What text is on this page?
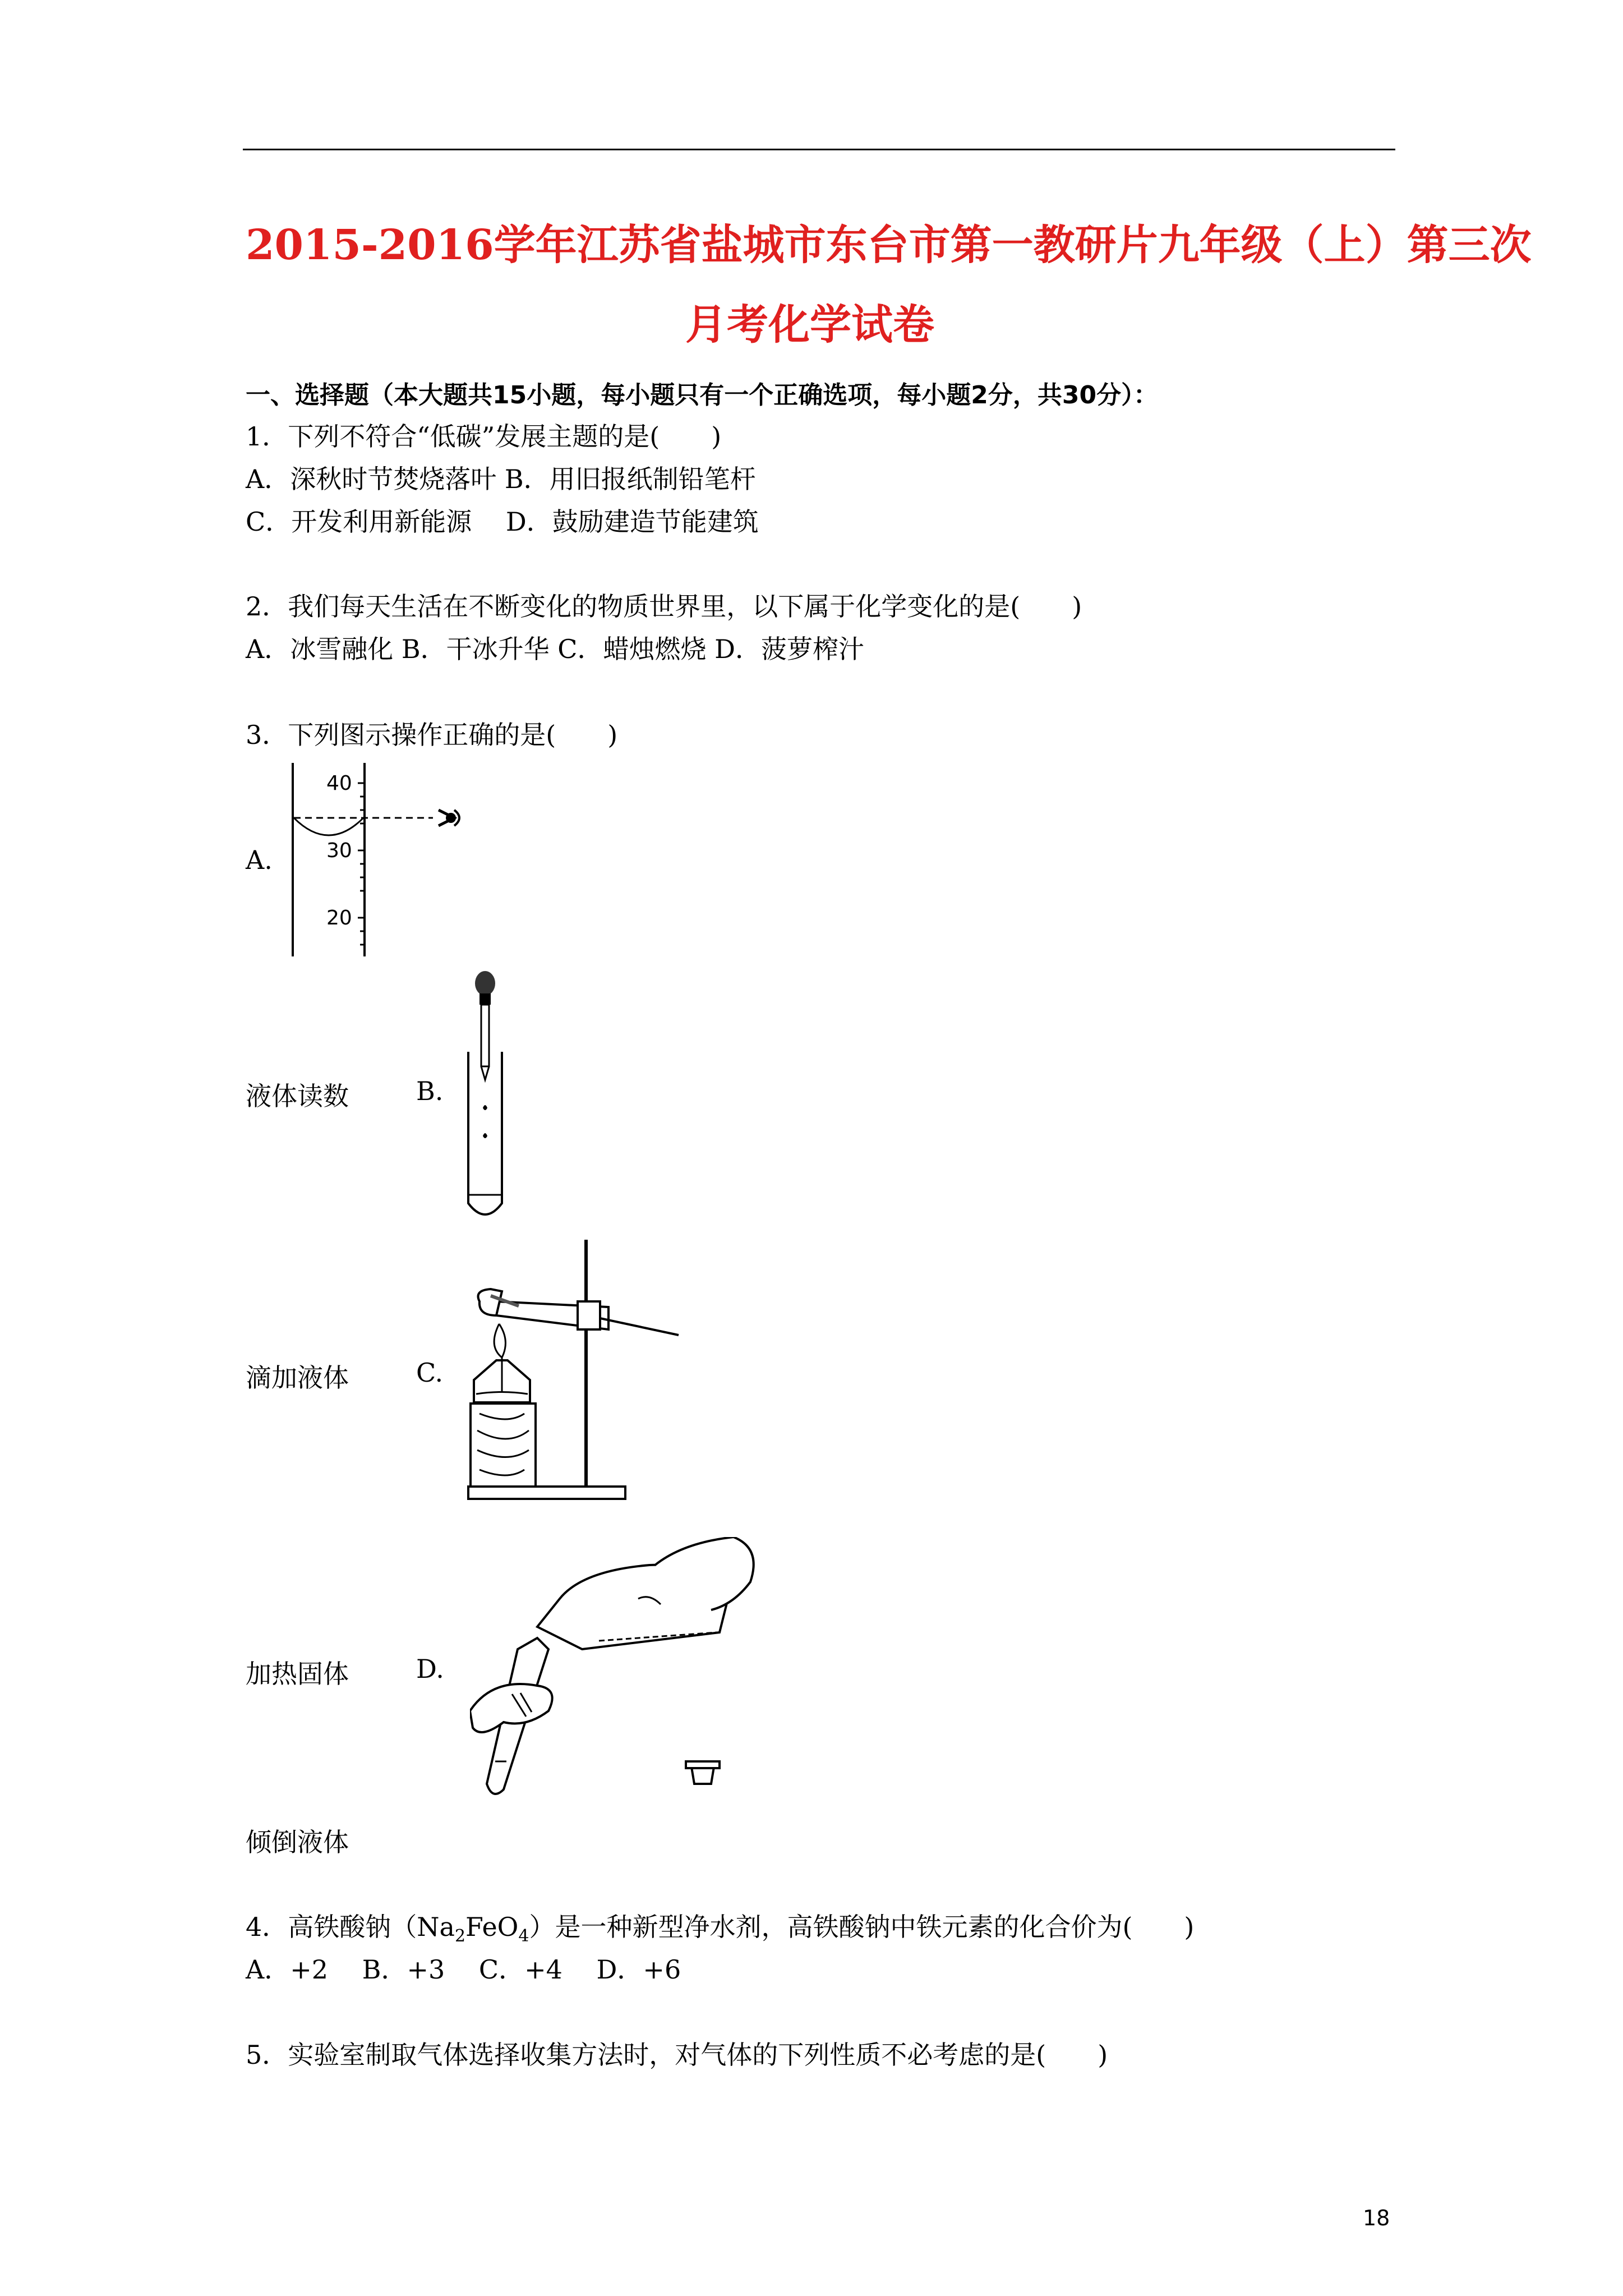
2015-2016学年江苏省盐城市东台市第一教研片九年级（上）第三次
月考化学试卷
一、选择题（本大题共15小题，每小题只有一个正确选项，每小题2分，共30分）：
1．下列不符合“低碳”发展主题的是(　　)
A．深秋时节焚烧落叶 B．用旧报纸制铅笔杆
C．开发利用新能源　 D．鼓励建造节能建筑
2．我们每天生活在不断变化的物质世界里，以下属于化学变化的是(　　)
A．冰雪融化 B．干冰升华 C．蜡烛燃烧 D．菠萝榨汁
3．下列图示操作正确的是(　　)
A.
40
30
20
液体读数	B.
滴加液体	C.
加热固体	D.
倾倒液体
4．高铁酸钠$(Na_2FeO_4)$是一种新型净水剂，高铁酸钠中铁元素的化合价为(　　)
A．+2　 B．+3　 C．+4　 D．+6
5．实验室制取气体选择收集方法时，对气体的下列性质不必考虑的是(　　)
18
